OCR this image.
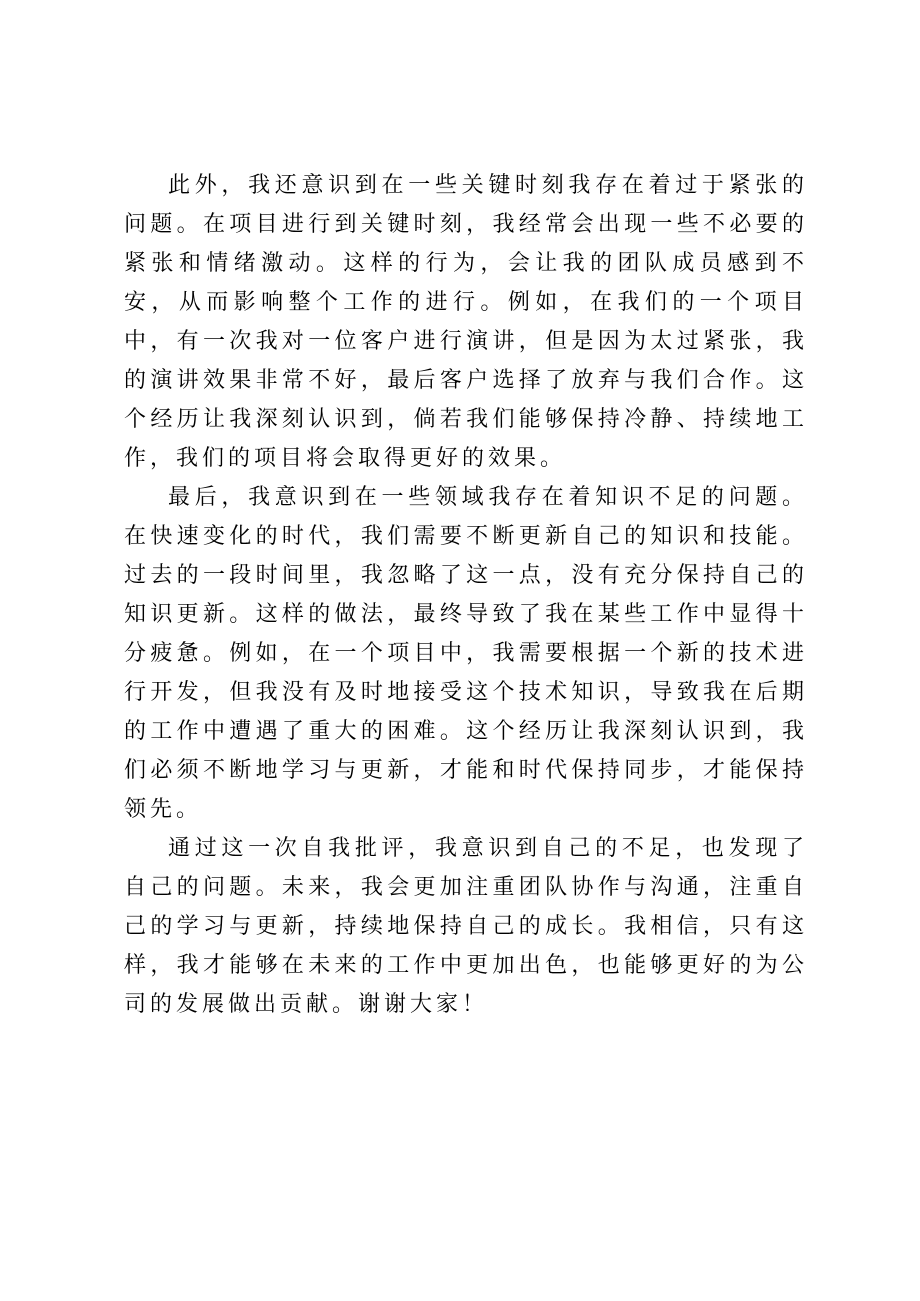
此外，我还意识到在一些关键时刻我存在着过于紧张的问题。在项目进行到关键时刻，我经常会出现一些不必要的紧张和情绪激动。这样的行为，会让我的团队成员感到不安，从而影响整个工作的进行。例如，在我们的一个项目中，有一次我对一位客户进行演讲，但是因为太过紧张，我的演讲效果非常不好，最后客户选择了放弃与我们合作。这个经历让我深刻认识到，倘若我们能够保持冷静、持续地工作，我们的项目将会取得更好的效果。

最后，我意识到在一些领域我存在着知识不足的问题。在快速变化的时代，我们需要不断更新自己的知识和技能。过去的一段时间里，我忽略了这一点，没有充分保持自己的知识更新。这样的做法，最终导致了我在某些工作中显得十分疲惫。例如，在一个项目中，我需要根据一个新的技术进行开发，但我没有及时地接受这个技术知识，导致我在后期的工作中遭遇了重大的困难。这个经历让我深刻认识到，我们必须不断地学习与更新，才能和时代保持同步，才能保持领先。

通过这一次自我批评，我意识到自己的不足，也发现了自己的问题。未来，我会更加注重团队协作与沟通，注重自己的学习与更新，持续地保持自己的成长。我相信，只有这样，我才能够在未来的工作中更加出色，也能够更好的为公司的发展做出贡献。谢谢大家！
